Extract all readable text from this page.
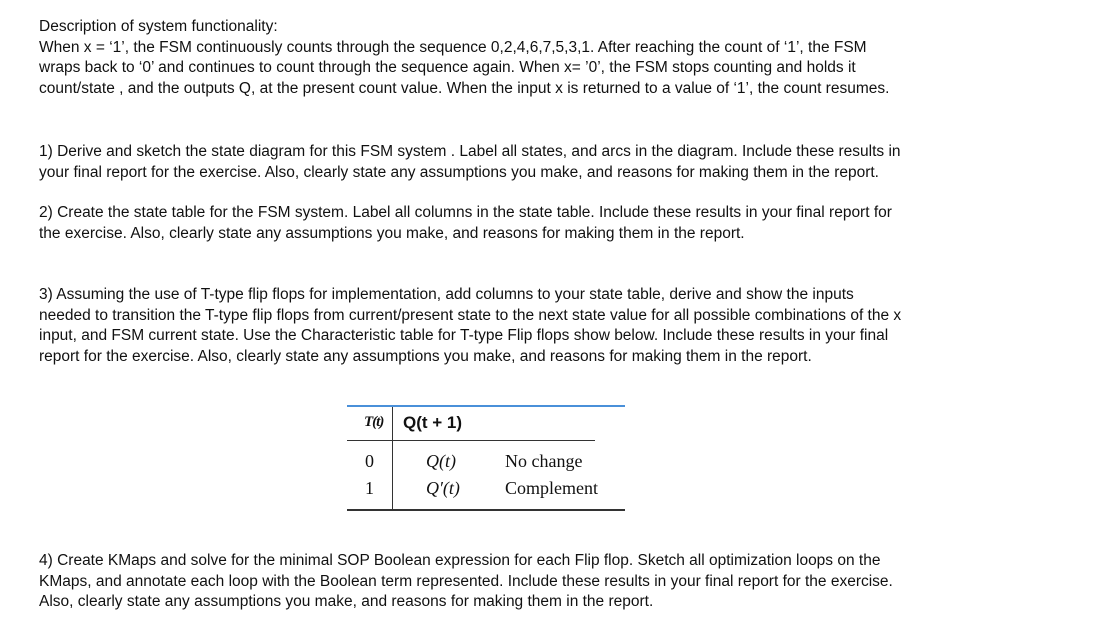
Description of system functionality:
When x = ‘1’, the FSM continuously counts through the sequence 0,2,4,6,7,5,3,1. After reaching the count of ‘1’, the FSM
wraps back to ‘0’ and continues to count through the sequence again. When x= ’0’, the FSM stops counting and holds it
count/state , and the outputs Q, at the present count value. When the input x is returned to a value of ‘1’, the count resumes.
1) Derive and sketch the state diagram for this FSM system . Label all states, and arcs in the diagram. Include these results in
your final report for the exercise. Also, clearly state any assumptions you make, and reasons for making them in the report.
2) Create the state table for the FSM system. Label all columns in the state table. Include these results in your final report for
the exercise. Also, clearly state any assumptions you make, and reasons for making them in the report.
3) Assuming the use of T-type flip flops for implementation, add columns to your state table, derive and show the inputs
needed to transition the T-type flip flops from current/present state to the next state value for all possible combinations of the x
input, and FSM current state. Use the Characteristic table for T-type Flip flops show below. Include these results in your final
report for the exercise. Also, clearly state any assumptions you make, and reasons for making them in the report.
T(t) Q(t + 1)
0	Q(t)	No change
1	Q′(t)	Complement
4) Create KMaps and solve for the minimal SOP Boolean expression for each Flip flop. Sketch all optimization loops on the
KMaps, and annotate each loop with the Boolean term represented. Include these results in your final report for the exercise.
Also, clearly state any assumptions you make, and reasons for making them in the report.
